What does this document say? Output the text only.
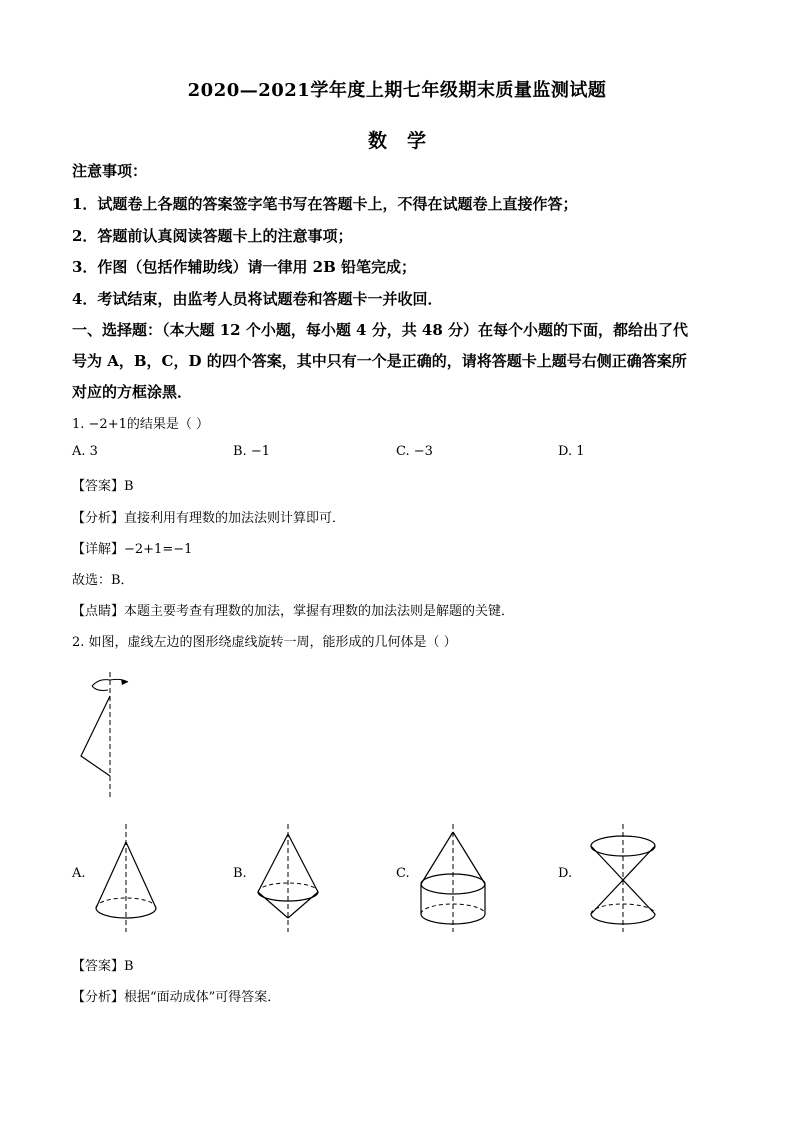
2020—2021学年度上期七年级期末质量监测试题
数学
注意事项：
1．试题卷上各题的答案签字笔书写在答题卡上，不得在试题卷上直接作答；
2．答题前认真阅读答题卡上的注意事项；
3．作图（包括作辅助线）请一律用 2B 铅笔完成；
4．考试结束，由监考人员将试题卷和答题卡一并收回．
一、选择题：（本大题 12 个小题，每小题 4 分，共 48 分）在每个小题的下面，都给出了代
号为 A，B，C，D 的四个答案，其中只有一个是正确的，请将答题卡上题号右侧正确答案所
对应的方框涂黑．
1. −2+1的结果是（ ）
A. 3	B. −1	C. −3	D. 1
【答案】B
【分析】直接利用有理数的加法法则计算即可．
【详解】−2+1=−1
故选：B．
【点睛】本题主要考查有理数的加法，掌握有理数的加法法则是解题的关键．
2. 如图，虚线左边的图形绕虚线旋转一周，能形成的几何体是（ ）
A.	B.	C.	D.
【答案】B
【分析】根据“面动成体”可得答案．
